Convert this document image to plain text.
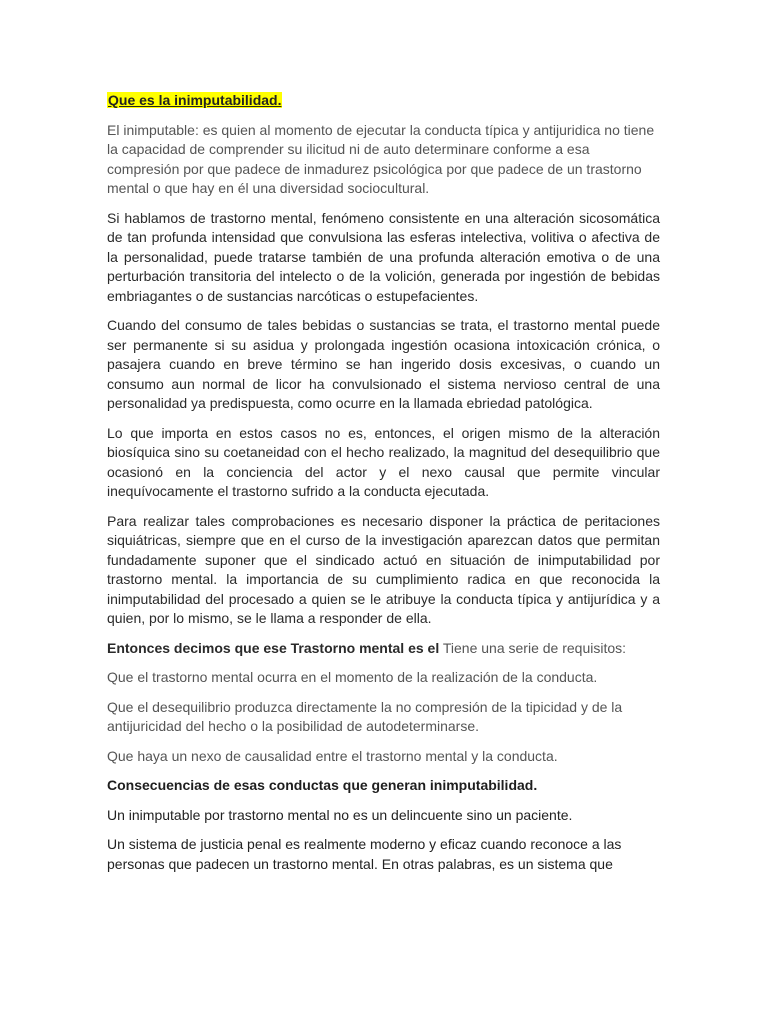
Que es la inimputabilidad.
El inimputable: es quien al momento de ejecutar la conducta típica y antijuridica no tiene la capacidad de comprender su ilicitud ni de auto determinare conforme a esa compresión por que padece de inmadurez psicológica por que padece de un trastorno mental o que hay en él una diversidad sociocultural.
Si hablamos de trastorno mental, fenómeno consistente en una alteración sicosomática de tan profunda intensidad que convulsiona las esferas intelectiva, volitiva o afectiva de la personalidad, puede tratarse también de una profunda alteración emotiva o de una perturbación transitoria del intelecto o de la volición, generada por ingestión de bebidas embriagantes o de sustancias narcóticas o estupefacientes.
Cuando del consumo de tales bebidas o sustancias se trata, el trastorno mental puede ser permanente si su asidua y prolongada ingestión ocasiona intoxicación crónica, o pasajera cuando en breve término se han ingerido dosis excesivas, o cuando un consumo aun normal de licor ha convulsionado el sistema nervioso central de una personalidad ya predispuesta, como ocurre en la llamada ebriedad patológica.
Lo que importa en estos casos no es, entonces, el origen mismo de la alteración biosíquica sino su coetaneidad con el hecho realizado, la magnitud del desequilibrio que ocasionó en la conciencia del actor y el nexo causal que permite vincular inequívocamente el trastorno sufrido a la conducta ejecutada.
Para realizar tales comprobaciones es necesario disponer la práctica de peritaciones siquiátricas, siempre que en el curso de la investigación aparezcan datos que permitan fundadamente suponer que el sindicado actuó en situación de inimputabilidad por trastorno mental. la importancia de su cumplimiento radica en que reconocida la inimputabilidad del procesado a quien se le atribuye la conducta típica y antijurídica y a quien, por lo mismo, se le llama a responder de ella.
Entonces decimos que ese Trastorno mental es el Tiene una serie de requisitos:
Que el trastorno mental ocurra en el momento de la realización de la conducta.
Que el desequilibrio produzca directamente la no compresión de la tipicidad y de la antijuricidad del hecho o la posibilidad de autodeterminarse.
Que haya un nexo de causalidad entre el trastorno mental y la conducta.
Consecuencias de esas conductas que generan inimputabilidad.
Un inimputable por trastorno mental no es un delincuente sino un paciente.
Un sistema de justicia penal es realmente moderno y eficaz cuando reconoce a las personas que padecen un trastorno mental. En otras palabras, es un sistema que
